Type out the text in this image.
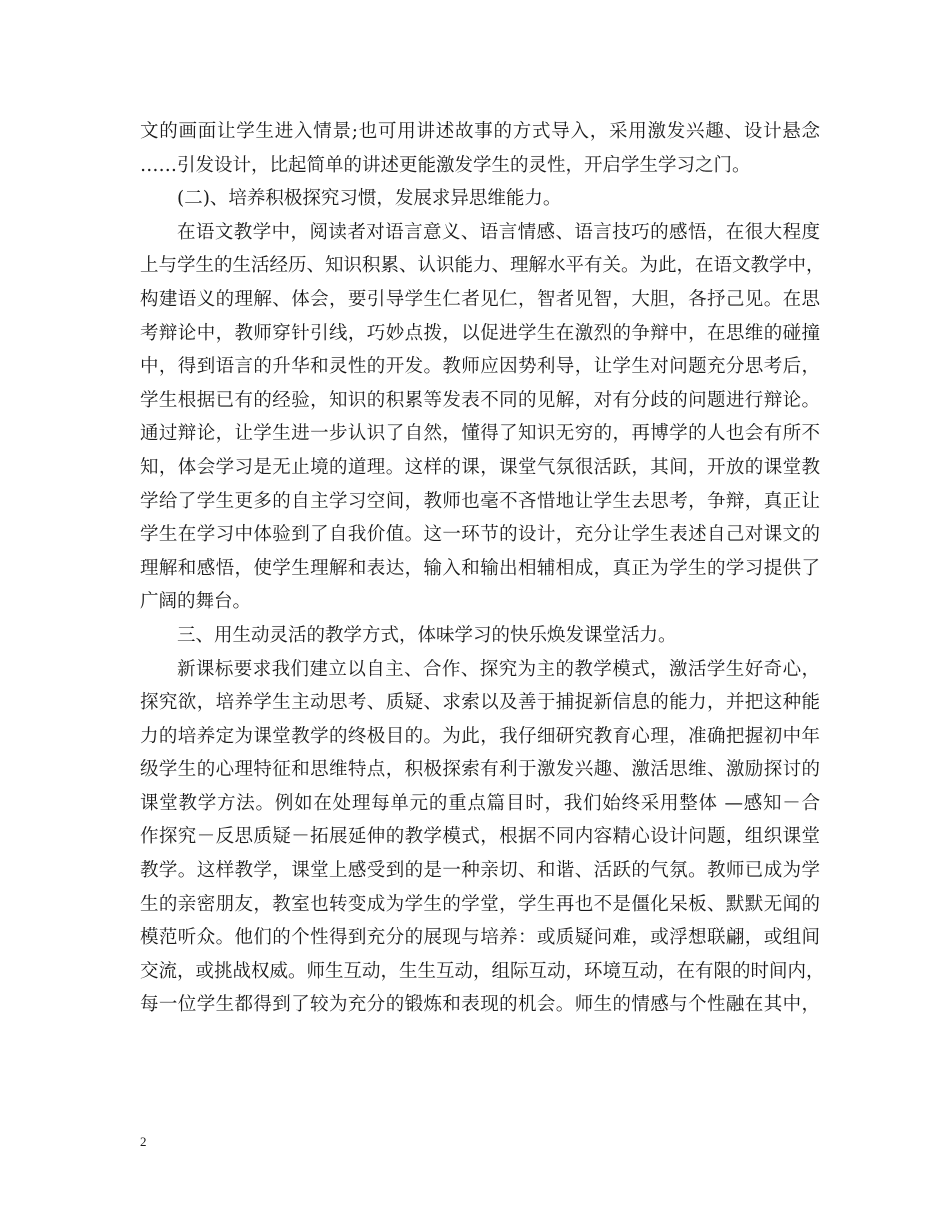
文的画面让学生进入情景;也可用讲述故事的方式导入，采用激发兴趣、设计悬念
……引发设计，比起简单的讲述更能激发学生的灵性，开启学生学习之门。
(二)、培养积极探究习惯，发展求异思维能力。
在语文教学中，阅读者对语言意义、语言情感、语言技巧的感悟，在很大程度
上与学生的生活经历、知识积累、认识能力、理解水平有关。为此，在语文教学中，
构建语义的理解、体会，要引导学生仁者见仁，智者见智，大胆，各抒己见。在思
考辩论中，教师穿针引线，巧妙点拨，以促进学生在激烈的争辩中，在思维的碰撞
中，得到语言的升华和灵性的开发。教师应因势利导，让学生对问题充分思考后，
学生根据已有的经验，知识的积累等发表不同的见解，对有分歧的问题进行辩论。
通过辩论，让学生进一步认识了自然，懂得了知识无穷的，再博学的人也会有所不
知，体会学习是无止境的道理。这样的课，课堂气氛很活跃，其间，开放的课堂教
学给了学生更多的自主学习空间，教师也毫不吝惜地让学生去思考，争辩，真正让
学生在学习中体验到了自我价值。这一环节的设计，充分让学生表述自己对课文的
理解和感悟，使学生理解和表达，输入和输出相辅相成，真正为学生的学习提供了
广阔的舞台。
三、用生动灵活的教学方式，体味学习的快乐焕发课堂活力。
新课标要求我们建立以自主、合作、探究为主的教学模式，激活学生好奇心，
探究欲，培养学生主动思考、质疑、求索以及善于捕捉新信息的能力，并把这种能
力的培养定为课堂教学的终极目的。为此，我仔细研究教育心理，准确把握初中年
级学生的心理特征和思维特点，积极探索有利于激发兴趣、激活思维、激励探讨的
课堂教学方法。例如在处理每单元的重点篇目时，我们始终采用整体 —感知－合
作探究－反思质疑－拓展延伸的教学模式，根据不同内容精心设计问题，组织课堂
教学。这样教学，课堂上感受到的是一种亲切、和谐、活跃的气氛。教师已成为学
生的亲密朋友，教室也转变成为学生的学堂，学生再也不是僵化呆板、默默无闻的
模范听众。他们的个性得到充分的展现与培养：或质疑问难，或浮想联翩，或组间
交流，或挑战权威。师生互动，生生互动，组际互动，环境互动，在有限的时间内，
每一位学生都得到了较为充分的锻炼和表现的机会。师生的情感与个性融在其中，
2
